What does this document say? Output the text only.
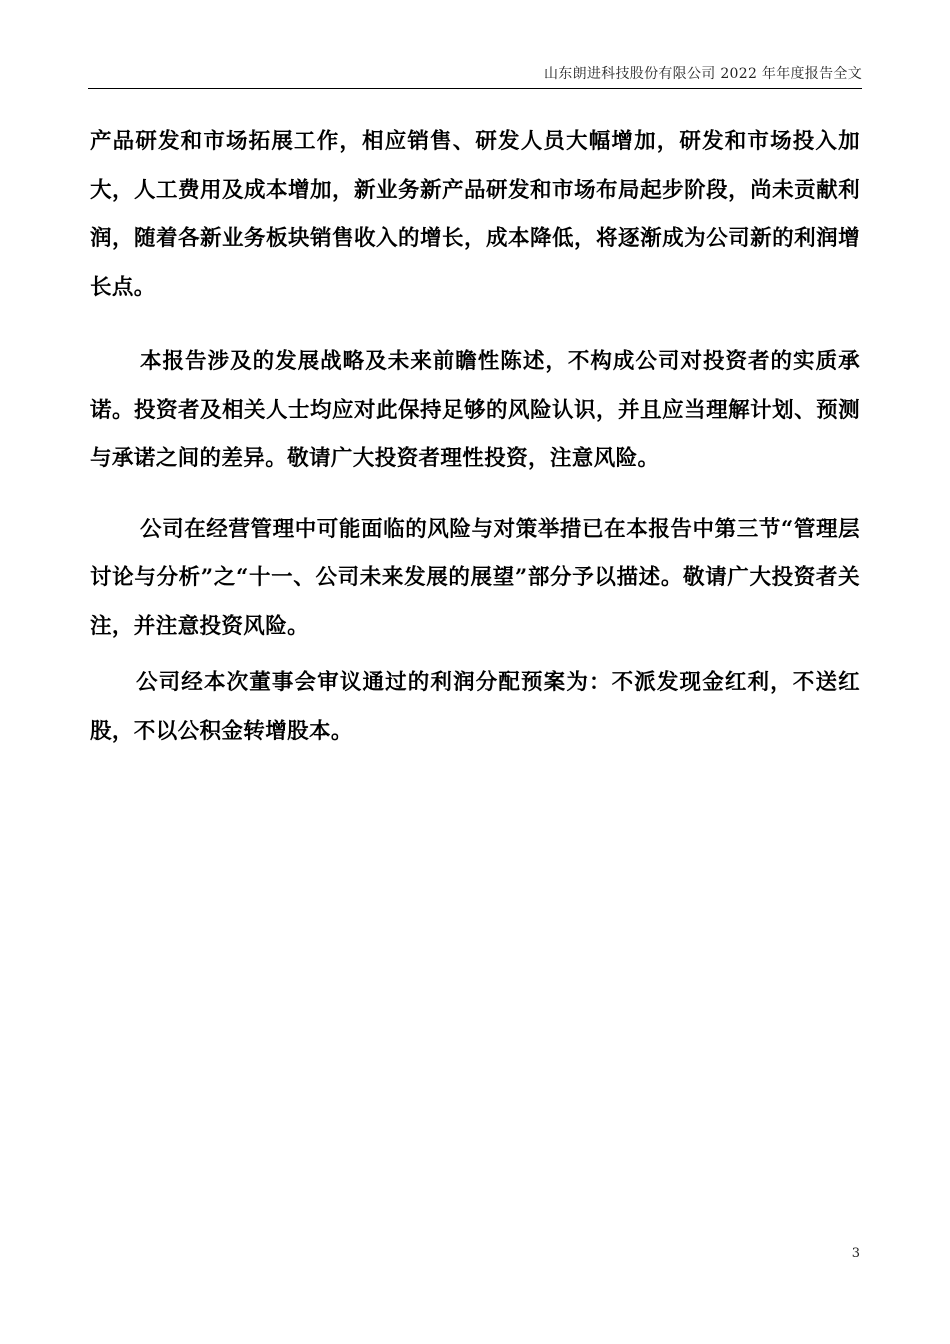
山东朗进科技股份有限公司 2022 年年度报告全文

产品研发和市场拓展工作，相应销售、研发人员大幅增加，研发和市场投入加大，人工费用及成本增加，新业务新产品研发和市场布局起步阶段，尚未贡献利润，随着各新业务板块销售收入的增长，成本降低，将逐渐成为公司新的利润增长点。

本报告涉及的发展战略及未来前瞻性陈述，不构成公司对投资者的实质承诺。投资者及相关人士均应对此保持足够的风险认识，并且应当理解计划、预测与承诺之间的差异。敬请广大投资者理性投资，注意风险。

公司在经营管理中可能面临的风险与对策举措已在本报告中第三节“管理层讨论与分析”之“十一、公司未来发展的展望”部分予以描述。敬请广大投资者关注，并注意投资风险。

公司经本次董事会审议通过的利润分配预案为：不派发现金红利，不送红股，不以公积金转增股本。

3
